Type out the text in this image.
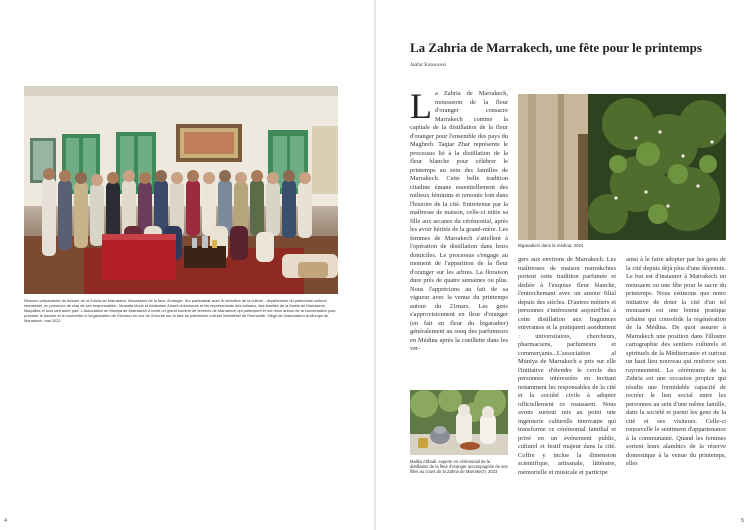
Réunion préparatoire du dossier de la Zahria de Marrakech. Mousseurs de la fleur d'oranger. Sur partenariat avec le ministère de la culture - département du patrimoine culturel immatériel, en présence de cinq de ses responsables : Mustafa Mouh et Abdeslam Amerti chercheurs et les représentants des artisans, des familles de la Mairie de Marrakech. Maquillés et tous tant autre part. L'association an Muniya de Marrakech a invité un grand nombre de femmes de Marrakech qui participent et ont réuni autour de la conversation pour préparer le dossier et le soumettre à l'organisation de l'Unesco en vue de l'inscrire sur la liste du patrimoine culturel immatériel de l'humanité. Siège de l'association al-Muniya de Marrakech, mai 2022.
4
La Zahria de Marrakech, une fête pour le printemps
Jaafar Kansoussi
La Zahria de Marrakech, mousseom de la fleur d'oranger consacre Marrakech comme la capitale de la distillation de la fleur d'oranger pour l'ensemble des pays du Maghreb. Taqtar Zhar représente le processus lié à la distillation de la fleur blanche pour célébrer le printemps au sein des familles de Marrakech. Cette belle tradition citadine émane essentiellement des milieux féminins et remonte loin dans l'histoire de la cité. Entretenue par la maîtresse de maison, celle-ci initie sa fille aux arcanes du cérémonial, après les avoir hérités de la grand-mère. Les femmes de Marrakech s'attellent à l'opération de distillation dans leurs domiciles. Le processus s'engage au moment de l'apparition de la fleur d'oranger sur les arbres. La floraison dure près de quatre semaines ou plus. Nous l'apprécions au fait de sa vigueur avec la venue du printemps autour du 21mars. Les gens s'approvisionnent en fleur d'oranger (en fait en fleur du bigaradier) généralement au souq des parfumeurs en Médina après la cueillette dans les ver-
Bigaradiers dans la médina, 2024
gers aux environs de Marrakech. Les maîtresses de maison marrakchies portent cette tradition parfumée et dédiée à l'exquise fleur blanche, l'entrechemant avec un amour filial depuis des siècles. D'autres métiers et personnes s'intéressent aujourd'hui à cette distillation aux fragrances enivrantes et la pratiquent assidument : universitaires, chercheurs, pharmaciens, parfumeurs et commerçants...L'association al Muniya de Marrakech a pris sur elle l'initiative d'étendre le cercle des personnes intéressées en invitant notamment les responsables de la cité et la société civile à adopter officiellement ce mausaem. Nous avons surtout mis au point une ingénierie culturelle innovante qui transforme ce cérémonial familial et privé en un événement public, culturel et festif majeur dans la cité. Coffre y inclue la dimension scientifique, artisanale, littéraire, mémorielle et musicale et participe
ainsi à le faire adopter par les gens de la cité depuis déjà plus d'une décennie. Le but est d'instaurer à Marrakech un mousaem ou une fête pour le sacre du printemps. Nous estimons que notre initiative de doter la cité d'un tel mousaem est une bonne pratique urbaine qui consolide la régénération de la Médina. De quoi assurer à Marrakech une position dans l'illustre cartographie des sentiers culturels et spirituels de la Méditerranée et surtout un haut lieu nouveau qui renforce son rayonnement. La cérémonie de la Zahria est une occasion propice qui résulte une formidable capacité de recréer le lien social entre les personnes au sein d'une même famille, dans la société et parmi les gens de la cité et ses visiteurs. Celle-ci renouvelle le sentiment d'appartenance à la communauté. Quand les femmes sortent leurs alambics de la réserve domestique à la venue du printemps, elles
Malika Abbadi, experte en cérémonial de la distillation de la fleur d'oranger accompagnée de ses filles au cours de la Zahria de Marrakech, 2023
5
